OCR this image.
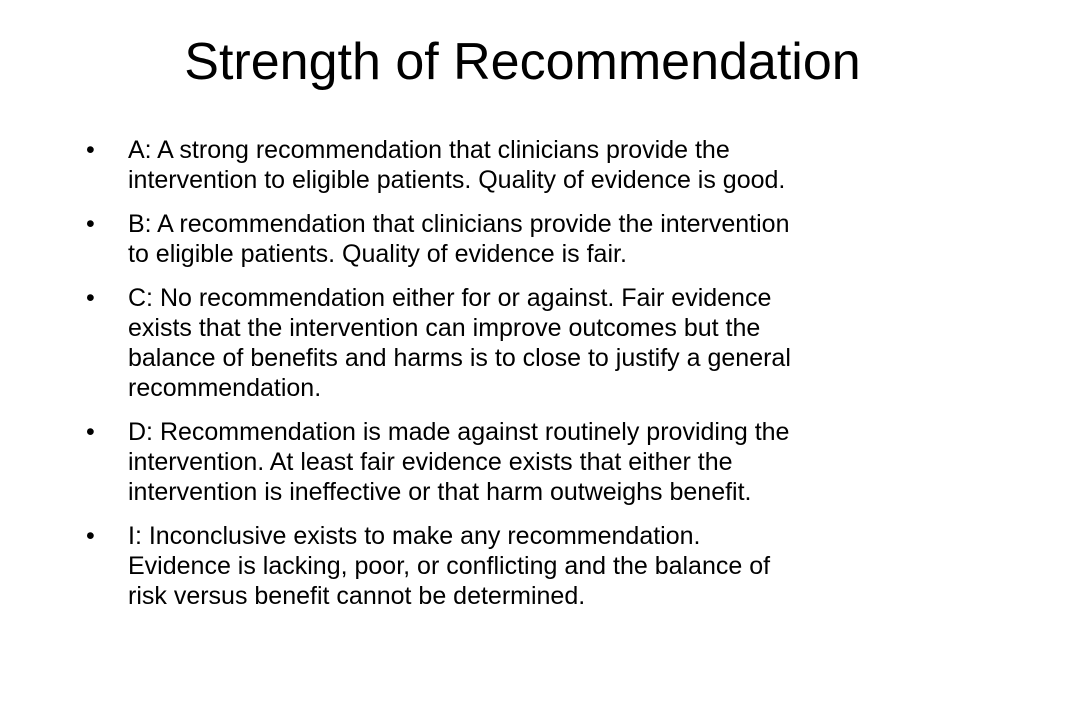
Strength of Recommendation
•	A: A strong recommendation that clinicians provide the
intervention to eligible patients. Quality of evidence is good.
•	B: A recommendation that clinicians provide the intervention
to eligible patients. Quality of evidence is fair.
•	C: No recommendation either for or against. Fair evidence
exists that the intervention can improve outcomes but the
balance of benefits and harms is to close to justify a general
recommendation.
•	D: Recommendation is made against routinely providing the
intervention. At least fair evidence exists that either the
intervention is ineffective or that harm outweighs benefit.
•	I: Inconclusive exists to make any recommendation.
Evidence is lacking, poor, or conflicting and the balance of
risk versus benefit cannot be determined.
